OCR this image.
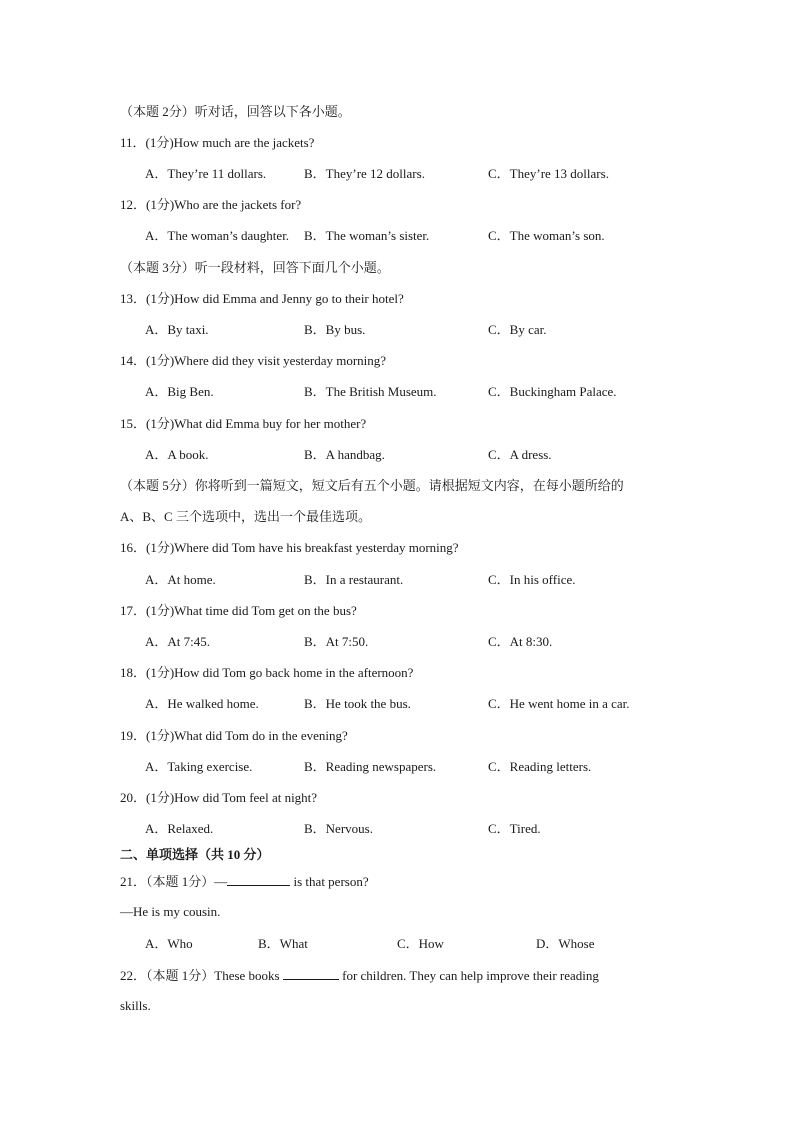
（本题 2分）听对话，回答以下各小题。
11．(1分)How much are the jackets?
A．They’re 11 dollars.	B．They’re 12 dollars.	C．They’re 13 dollars.
12．(1分)Who are the jackets for?
A．The woman’s daughter. B．The woman’s sister.	C．The woman’s son.
（本题 3分）听一段材料，回答下面几个小题。
13．(1分)How did Emma and Jenny go to their hotel?
A．By taxi.	B．By bus.	C．By car.
14．(1分)Where did they visit yesterday morning?
A．Big Ben.	B．The British Museum.	C．Buckingham Palace.
15．(1分)What did Emma buy for her mother?
A．A book.	B．A handbag.	C．A dress.
（本题 5分）你将听到一篇短文，短文后有五个小题。请根据短文内容，在每小题所给的
A、B、C 三个选项中，选出一个最佳选项。
16．(1分)Where did Tom have his breakfast yesterday morning?
A．At home.	B．In a restaurant.	C．In his office.
17．(1分)What time did Tom get on the bus?
A．At 7:45.	B．At 7:50.	C．At 8:30.
18．(1分)How did Tom go back home in the afternoon?
A．He walked home.	B．He took the bus.	C．He went home in a car.
19．(1分)What did Tom do in the evening?
A．Taking exercise.	B．Reading newspapers.	C．Reading letters.
20．(1分)How did Tom feel at night?
A．Relaxed.	B．Nervous.	C．Tired.
二、单项选择（共 10 分）
21．（本题 1分）—	is that person?
—He is my cousin.
A．Who	B．What	C．How	D．Whose
22．（本题 1分）These books	for children. They can help improve their reading
skills.
